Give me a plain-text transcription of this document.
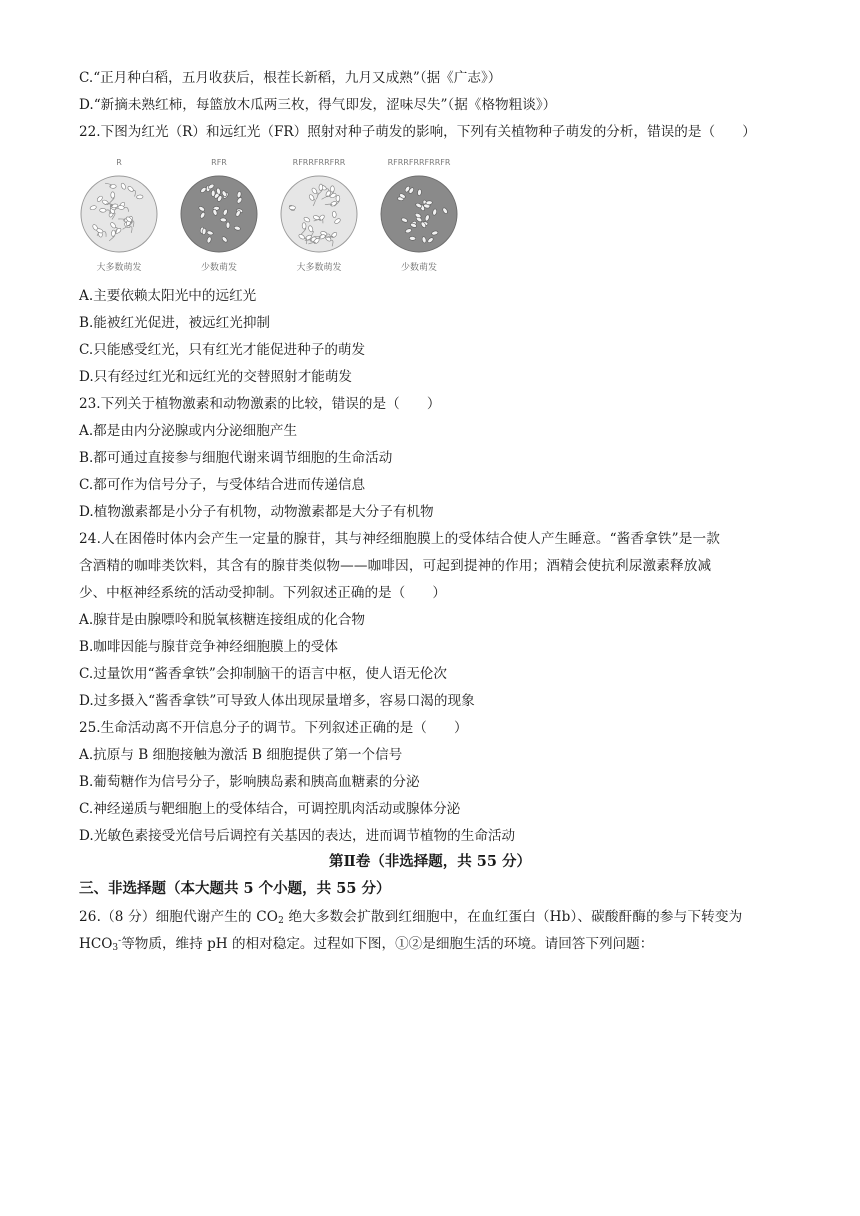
C.“正月种白稻，五月收获后，根茬长新稻，九月又成熟”（据《广志》）
D.“新摘未熟红柿，每篮放木瓜两三枚，得气即发，涩味尽失”（据《格物粗谈》）
22.下图为红光（R）和远红光（FR）照射对种子萌发的影响，下列有关植物种子萌发的分析，错误的是（　　）
R
大多数萌发
RFR
少数萌发
RFRRFRRFRR
大多数萌发
RFRRFRRFRRFR
少数萌发
A.主要依赖太阳光中的远红光
B.能被红光促进，被远红光抑制
C.只能感受红光，只有红光才能促进种子的萌发
D.只有经过红光和远红光的交替照射才能萌发
23.下列关于植物激素和动物激素的比较，错误的是（　　）
A.都是由内分泌腺或内分泌细胞产生
B.都可通过直接参与细胞代谢来调节细胞的生命活动
C.都可作为信号分子，与受体结合进而传递信息
D.植物激素都是小分子有机物，动物激素都是大分子有机物
24.人在困倦时体内会产生一定量的腺苷，其与神经细胞膜上的受体结合使人产生睡意。“酱香拿铁”是一款
含酒精的咖啡类饮料，其含有的腺苷类似物——咖啡因，可起到提神的作用；酒精会使抗利尿激素释放减
少、中枢神经系统的活动受抑制。下列叙述正确的是（　　）
A.腺苷是由腺嘌呤和脱氧核糖连接组成的化合物
B.咖啡因能与腺苷竞争神经细胞膜上的受体
C.过量饮用“酱香拿铁”会抑制脑干的语言中枢，使人语无伦次
D.过多摄入“酱香拿铁”可导致人体出现尿量增多，容易口渴的现象
25.生命活动离不开信息分子的调节。下列叙述正确的是（　　）
A.抗原与 B 细胞接触为激活 B 细胞提供了第一个信号
B.葡萄糖作为信号分子，影响胰岛素和胰高血糖素的分泌
C.神经递质与靶细胞上的受体结合，可调控肌肉活动或腺体分泌
D.光敏色素接受光信号后调控有关基因的表达，进而调节植物的生命活动
第Ⅱ卷（非选择题，共 55 分）
三、非选择题（本大题共 5 个小题，共 55 分）
26.（8 分）细胞代谢产生的 $CO_2$ 绝大多数会扩散到红细胞中，在血红蛋白（Hb）、碳酸酐酶的参与下转变为
$HCO_3^-$等物质，维持 pH 的相对稳定。过程如下图，①②是细胞生活的环境。请回答下列问题：
